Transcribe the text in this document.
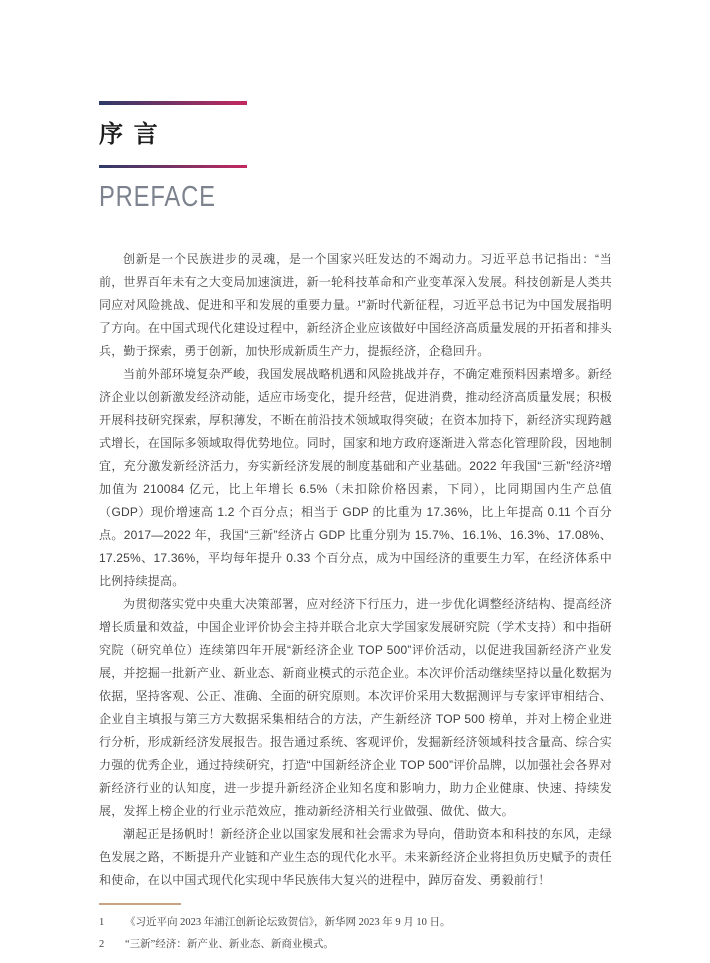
序 言
PREFACE

创新是一个民族进步的灵魂，是一个国家兴旺发达的不竭动力。习近平总书记指出：“当前，世界百年未有之大变局加速演进，新一轮科技革命和产业变革深入发展。科技创新是人类共同应对风险挑战、促进和平和发展的重要力量。¹”新时代新征程，习近平总书记为中国发展指明了方向。在中国式现代化建设过程中，新经济企业应该做好中国经济高质量发展的开拓者和排头兵，勤于探索，勇于创新，加快形成新质生产力，提振经济，企稳回升。

当前外部环境复杂严峻，我国发展战略机遇和风险挑战并存，不确定难预料因素增多。新经济企业以创新激发经济动能，适应市场变化，提升经营，促进消费，推动经济高质量发展；积极开展科技研究探索，厚积薄发，不断在前沿技术领域取得突破；在资本加持下，新经济实现跨越式增长，在国际多领域取得优势地位。同时，国家和地方政府逐渐进入常态化管理阶段，因地制宜，充分激发新经济活力，夯实新经济发展的制度基础和产业基础。2022 年我国“三新”经济²增加值为 210084 亿元，比上年增长 6.5%（未扣除价格因素，下同），比同期国内生产总值（GDP）现价增速高 1.2 个百分点；相当于 GDP 的比重为 17.36%，比上年提高 0.11 个百分点。2017—2022 年，我国“三新”经济占 GDP 比重分别为 15.7%、16.1%、16.3%、17.08%、17.25%、17.36%，平均每年提升 0.33 个百分点，成为中国经济的重要生力军，在经济体系中比例持续提高。

为贯彻落实党中央重大决策部署，应对经济下行压力，进一步优化调整经济结构、提高经济增长质量和效益，中国企业评价协会主持并联合北京大学国家发展研究院（学术支持）和中指研究院（研究单位）连续第四年开展“新经济企业 TOP 500”评价活动，以促进我国新经济产业发展，并挖掘一批新产业、新业态、新商业模式的示范企业。本次评价活动继续坚持以量化数据为依据，坚持客观、公正、准确、全面的研究原则。本次评价采用大数据测评与专家评审相结合、企业自主填报与第三方大数据采集相结合的方法，产生新经济 TOP 500 榜单，并对上榜企业进行分析，形成新经济发展报告。报告通过系统、客观评价，发掘新经济领域科技含量高、综合实力强的优秀企业，通过持续研究，打造“中国新经济企业 TOP 500”评价品牌，以加强社会各界对新经济行业的认知度，进一步提升新经济企业知名度和影响力，助力企业健康、快速、持续发展，发挥上榜企业的行业示范效应，推动新经济相关行业做强、做优、做大。

潮起正是扬帆时！新经济企业以国家发展和社会需求为导向，借助资本和科技的东风，走绿色发展之路，不断提升产业链和产业生态的现代化水平。未来新经济企业将担负历史赋予的责任和使命，在以中国式现代化实现中华民族伟大复兴的进程中，踔厉奋发、勇毅前行！

1	《习近平向 2023 年浦江创新论坛致贺信》，新华网 2023 年 9 月 10 日。
2	“三新”经济：新产业、新业态、新商业模式。
